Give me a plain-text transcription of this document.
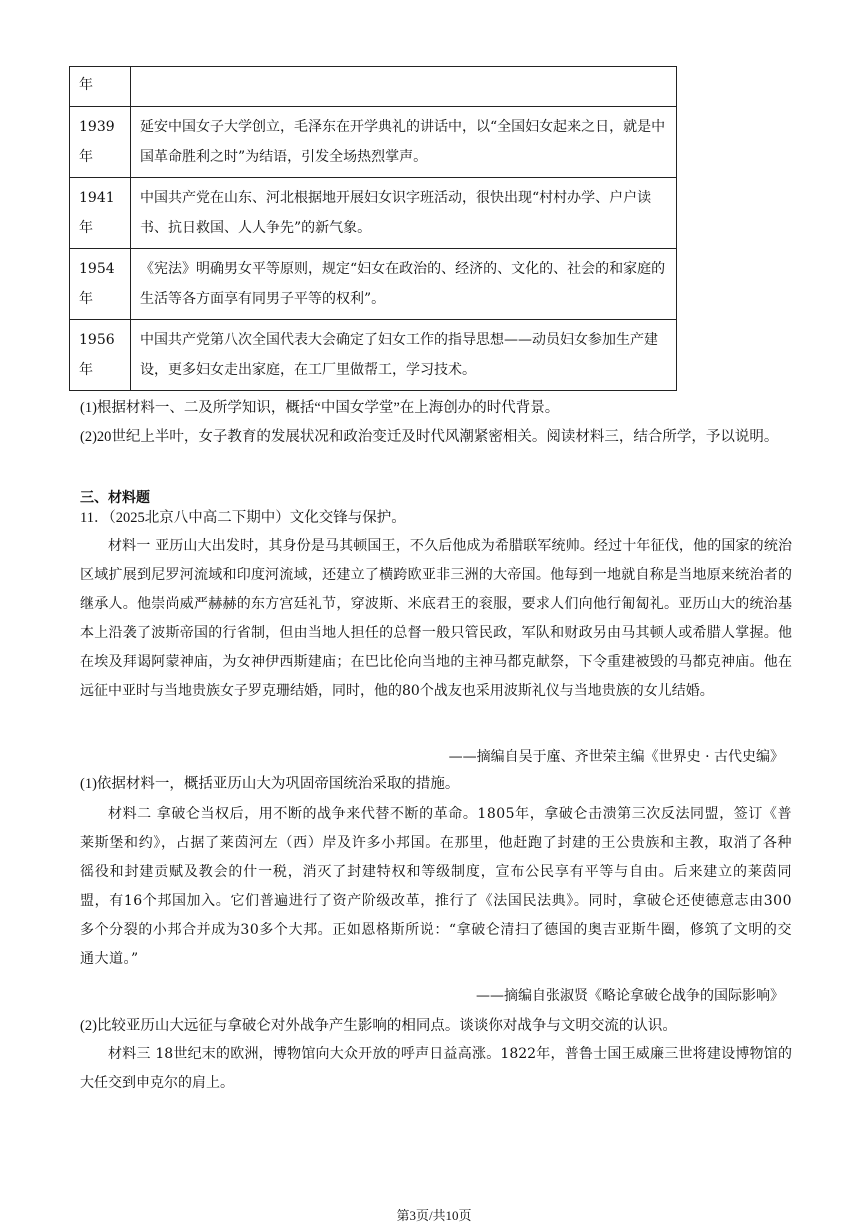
年	
1939年	延安中国女子大学创立，毛泽东在开学典礼的讲话中，以“全国妇女起来之日，就是中国革命胜利之时”为结语，引发全场热烈掌声。
1941年	中国共产党在山东、河北根据地开展妇女识字班活动，很快出现“村村办学、户户读书、抗日救国、人人争先”的新气象。
1954年	《宪法》明确男女平等原则，规定“妇女在政治的、经济的、文化的、社会的和家庭的生活等各方面享有同男子平等的权利”。
1956年	中国共产党第八次全国代表大会确定了妇女工作的指导思想——动员妇女参加生产建设，更多妇女走出家庭，在工厂里做帮工，学习技术。
(1)根据材料一、二及所学知识，概括“中国女学堂”在上海创办的时代背景。
(2)20世纪上半叶，女子教育的发展状况和政治变迁及时代风潮紧密相关。阅读材料三，结合所学，予以说明。
三、材料题
11．（2025北京八中高二下期中）文化交锋与保护。
材料一 亚历山大出发时，其身份是马其顿国王，不久后他成为希腊联军统帅。经过十年征伐，他的国家的统治区域扩展到尼罗河流域和印度河流域，还建立了横跨欧亚非三洲的大帝国。他每到一地就自称是当地原来统治者的继承人。他崇尚威严赫赫的东方宫廷礼节，穿波斯、米底君王的衮服，要求人们向他行匍匐礼。亚历山大的统治基本上沿袭了波斯帝国的行省制，但由当地人担任的总督一般只管民政，军队和财政另由马其顿人或希腊人掌握。他在埃及拜谒阿蒙神庙，为女神伊西斯建庙；在巴比伦向当地的主神马都克献祭，下令重建被毁的马都克神庙。他在远征中亚时与当地贵族女子罗克珊结婚，同时，他的80个战友也采用波斯礼仪与当地贵族的女儿结婚。
——摘编自吴于廑、齐世荣主编《世界史 · 古代史编》
(1)依据材料一，概括亚历山大为巩固帝国统治采取的措施。
材料二 拿破仑当权后，用不断的战争来代替不断的革命。1805年，拿破仑击溃第三次反法同盟，签订《普莱斯堡和约》，占据了莱茵河左（西）岸及许多小邦国。在那里，他赶跑了封建的王公贵族和主教，取消了各种徭役和封建贡赋及教会的什一税，消灭了封建特权和等级制度，宣布公民享有平等与自由。后来建立的莱茵同盟，有16个邦国加入。它们普遍进行了资产阶级改革，推行了《法国民法典》。同时，拿破仑还使德意志由300多个分裂的小邦合并成为30多个大邦。正如恩格斯所说：“拿破仑清扫了德国的奥吉亚斯牛圈，修筑了文明的交通大道。”
——摘编自张淑贤《略论拿破仑战争的国际影响》
(2)比较亚历山大远征与拿破仑对外战争产生影响的相同点。谈谈你对战争与文明交流的认识。
材料三 18世纪末的欧洲，博物馆向大众开放的呼声日益高涨。1822年，普鲁士国王威廉三世将建设博物馆的大任交到申克尔的肩上。
第3页/共10页
